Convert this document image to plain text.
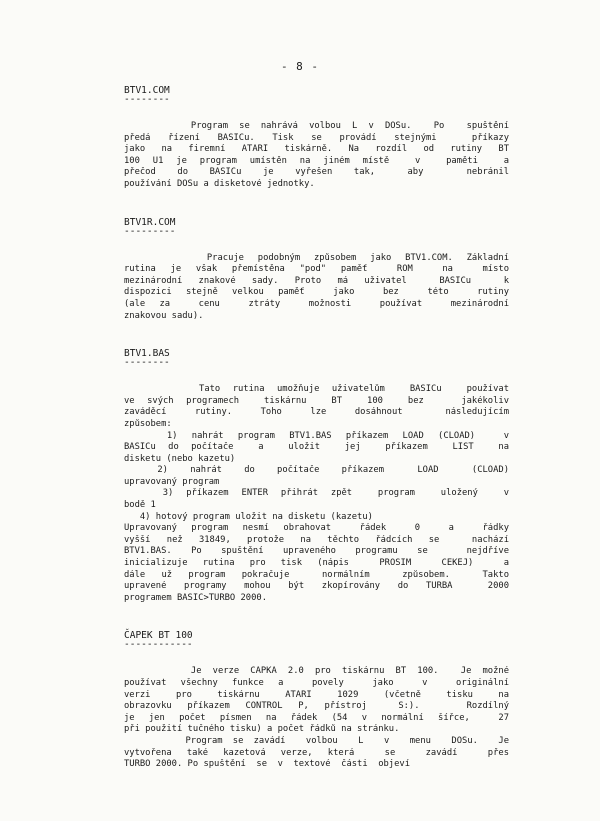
- 8 -
BTV1.COM
--------
Program se nahrává volbou L v DOSu.  Po  spuštění
předá řízení BASICu. Tisk se provádí stejnými  příkazy
jako na firemní ATARI tiskárně. Na rozdíl od rutiny BT
100 U1 je program umístěn na jiném místě  v  paměti  a
přečod  do  BASICu  je  vyřešen  tak,   aby    nebránil
používání DOSu a disketové jednotky.
BTV1R.COM
---------
Pracuje podobným způsobem jako BTV1.COM. Základní
rutina je však přemístěna "pod" paměť  ROM  na  místo
mezinárodní znakové sady. Proto má uživatel  BASICu  k
dispozici stejně velkou paměť  jako  bez  této  rutiny
(ale za  cenu  ztráty  možnosti  používat  mezinárodní
znakovou sadu).
BTV1.BAS
--------
Tato rutina umožňuje uživatelům  BASICu  používat
ve svých programech  tiskárnu  BT  100  bez   jakékoliv
zaváděcí  rutiny.  Toho  lze  dosáhnout   následujícím
způsobem:
1) nahrát program BTV1.BAS příkazem LOAD (CLOAD)  v
BASICu do počítače  a  uložit  jej  příkazem  LIST  na
disketu (nebo kazetu)
2)  nahrát  do  počítače  příkazem   LOAD   (CLOAD)
upravovaný program
3) příkazem ENTER přihrát zpět  program  uložený  v
bodě 1
4) hotový program uložit na disketu (kazetu)
Upravovaný program nesmí obrahovat  řádek  0  a  řádky
vyšší než 31849, protože na těchto řádcích se  nachází
BTV1.BAS. Po spuštění upraveného programu se  nejdříve
inicializuje rutina pro tisk (nápis  PROSÍM  ČEKEJ)  a
dále už program pokračuje  normálním  způsobem.  Takto
upravené programy mohou být zkopírovány do TURBA  2000
programem BASIC>TURBO 2000.
ČAPEK BT 100
------------
Je verze ČAPKA 2.0 pro tiskárnu BT 100.  Je možné
používat všechny funkce a  povely  jako  v  originální
verzi  pro  tiskárnu  ATARI  1029  (včetně  tisku  na
obrazovku příkazem CONTROL P, přístroj  S:).   Rozdílný
je jen počet písmen na řádek (54 v normální šířce,  27
při použití tučného tisku) a počet řádků na stránku.
Program se zavádí  volbou  L  v  menu  DOSu.  Je
vytvořena také kazetová verze, která  se  zavádí  přes
TURBO 2000. Po spuštění  se  v  textové  části  objeví
